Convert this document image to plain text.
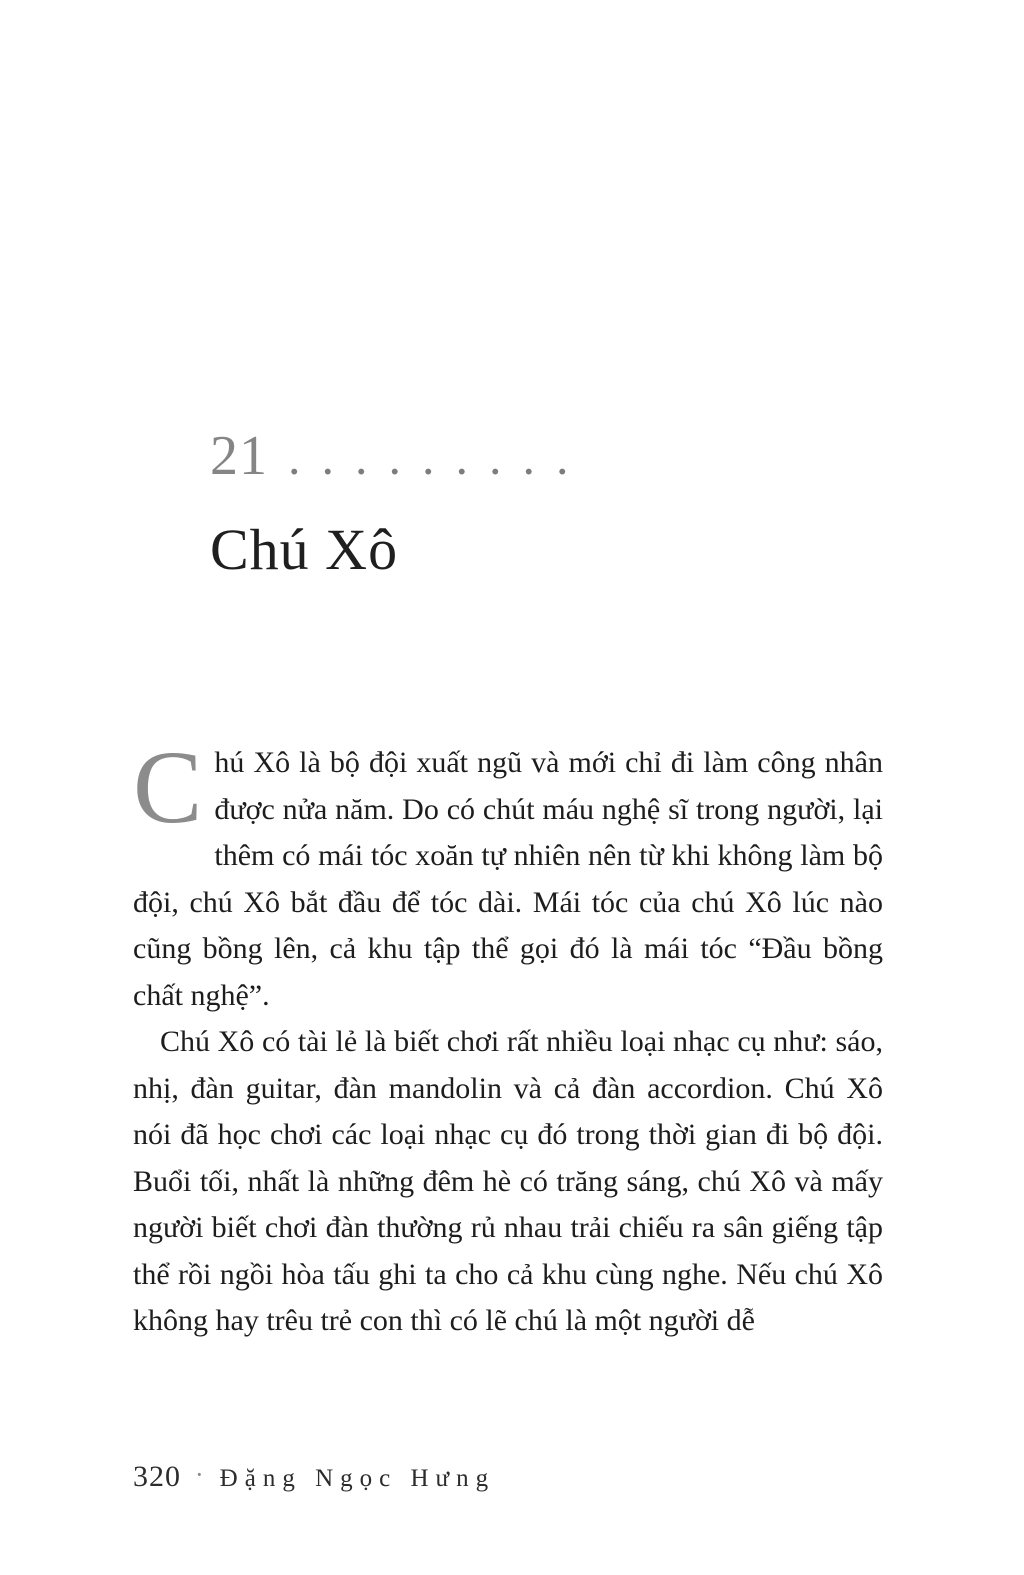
21 .........
Chú Xô

Chú Xô là bộ đội xuất ngũ và mới chỉ đi làm công nhân được nửa năm. Do có chút máu nghệ sĩ trong người, lại thêm có mái tóc xoăn tự nhiên nên từ khi không làm bộ đội, chú Xô bắt đầu để tóc dài. Mái tóc của chú Xô lúc nào cũng bồng lên, cả khu tập thể gọi đó là mái tóc “Đầu bồng chất nghệ”.

Chú Xô có tài lẻ là biết chơi rất nhiều loại nhạc cụ như: sáo, nhị, đàn guitar, đàn mandolin và cả đàn accordion. Chú Xô nói đã học chơi các loại nhạc cụ đó trong thời gian đi bộ đội. Buổi tối, nhất là những đêm hè có trăng sáng, chú Xô và mấy người biết chơi đàn thường rủ nhau trải chiếu ra sân giếng tập thể rồi ngồi hòa tấu ghi ta cho cả khu cùng nghe. Nếu chú Xô không hay trêu trẻ con thì có lẽ chú là một người dễ

320 · Đặng Ngọc Hưng
